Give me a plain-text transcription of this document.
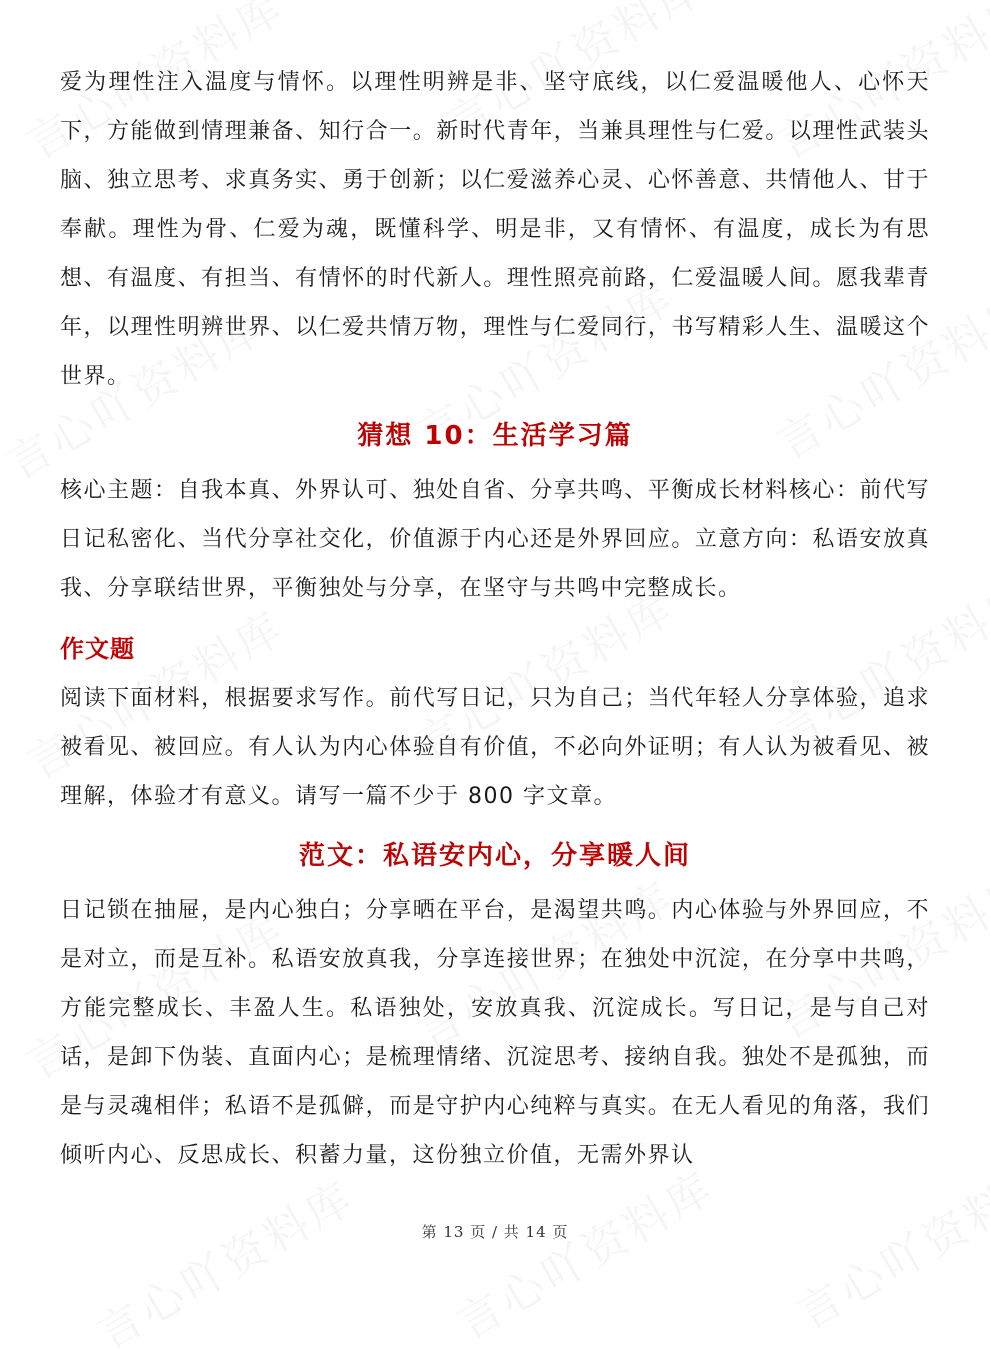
爱为理性注入温度与情怀。以理性明辨是非、坚守底线，以仁爱温暖他人、心怀天下，方能做到情理兼备、知行合一。新时代青年，当兼具理性与仁爱。以理性武装头脑、独立思考、求真务实、勇于创新；以仁爱滋养心灵、心怀善意、共情他人、甘于奉献。理性为骨、仁爱为魂，既懂科学、明是非，又有情怀、有温度，成长为有思想、有温度、有担当、有情怀的时代新人。理性照亮前路，仁爱温暖人间。愿我辈青年，以理性明辨世界、以仁爱共情万物，理性与仁爱同行，书写精彩人生、温暖这个世界。

猜想 10：生活学习篇

核心主题：自我本真、外界认可、独处自省、分享共鸣、平衡成长材料核心：前代写日记私密化、当代分享社交化，价值源于内心还是外界回应。立意方向：私语安放真我、分享联结世界，平衡独处与分享，在坚守与共鸣中完整成长。

作文题

阅读下面材料，根据要求写作。前代写日记，只为自己；当代年轻人分享体验，追求被看见、被回应。有人认为内心体验自有价值，不必向外证明；有人认为被看见、被理解，体验才有意义。请写一篇不少于 800 字文章。

范文：私语安内心，分享暖人间

日记锁在抽屉，是内心独白；分享晒在平台，是渴望共鸣。内心体验与外界回应，不是对立，而是互补。私语安放真我，分享连接世界；在独处中沉淀，在分享中共鸣，方能完整成长、丰盈人生。私语独处，安放真我、沉淀成长。写日记，是与自己对话，是卸下伪装、直面内心；是梳理情绪、沉淀思考、接纳自我。独处不是孤独，而是与灵魂相伴；私语不是孤僻，而是守护内心纯粹与真实。在无人看见的角落，我们倾听内心、反思成长、积蓄力量，这份独立价值，无需外界认

第 13 页 / 共 14 页
